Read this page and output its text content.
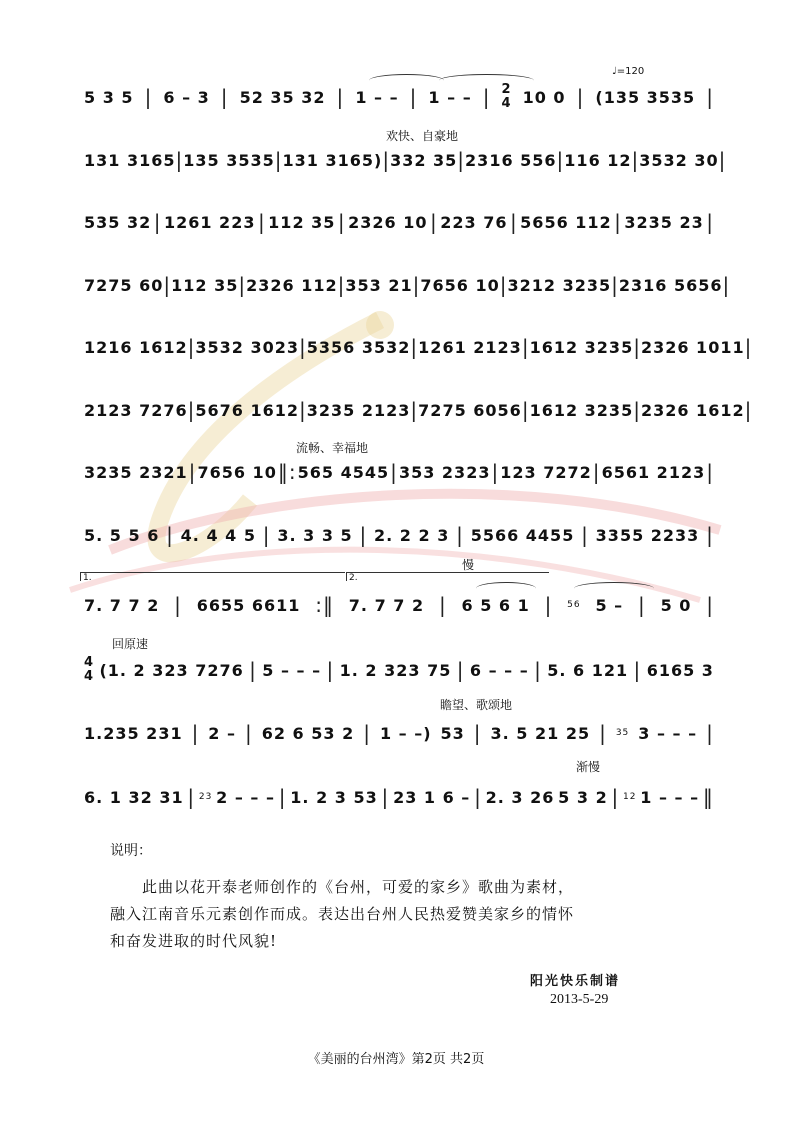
♩=120
5 3 5 | 6 – 3 | 52 35 32 | 1 – – | 1 – – | 2
4 10 0 | (135 3535 |
欢快、自豪地
131 3165 | 135 3535 | 131 3165) | 332 35 | 2316 556 | 116 12 | 3532 30 |
535 32 | 1261 223 | 112 35 | 2326 10 | 223 76 | 5656 112 | 3235 23 |
7275 60 | 112 35 | 2326 112 | 353 21 | 7656 10 | 3212 3235 | 2316 5656 |
1216 1612 | 3532 3023 | 5356 3532 | 1261 2123 | 1612 3235 | 2326 1011 |
2123 7276 | 5676 1612 | 3235 2123 | 7275 6056 | 1612 3235 | 2326 1612 |
流畅、幸福地
3235 2321 | 7656 10 ‖: 565 4545 | 353 2323 | 123 7272 | 6561 2123 |
5. 5 5 6 | 4. 4 4 5 | 3. 3 3 5 | 2. 2 2 3 | 5566 4455 | 3355 2233 |
1.	2.
慢
7. 7 7 2 | 6655 6611 :‖ 7. 7 7 2 | 6 5 6 1 | 56 5 – | 5 0 |
回原速
4
4 (1. 2 323 7276 | 5 – – – | 1. 2 323 75 | 6 – – – | 5. 6 121 | 6165 3
瞻望、歌颂地
1.235 231 | 2 – | 62 6 53 2 | 1 – –) 53 | 3. 5 21 25 | 35 3 – – – |
渐慢
6. 1 32 31 | 23 2 – – – | 1. 2 3 53 | 23 1 6 – | 2. 3 26 5 3 2 | 12 1 – – – ‖
说明：
此曲以花开泰老师创作的《台州，可爱的家乡》歌曲为素材，
融入江南音乐元素创作而成。表达出台州人民热爱赞美家乡的情怀
和奋发进取的时代风貌!
阳光快乐制谱
2013-5-29
《美丽的台州湾》第2页 共2页
